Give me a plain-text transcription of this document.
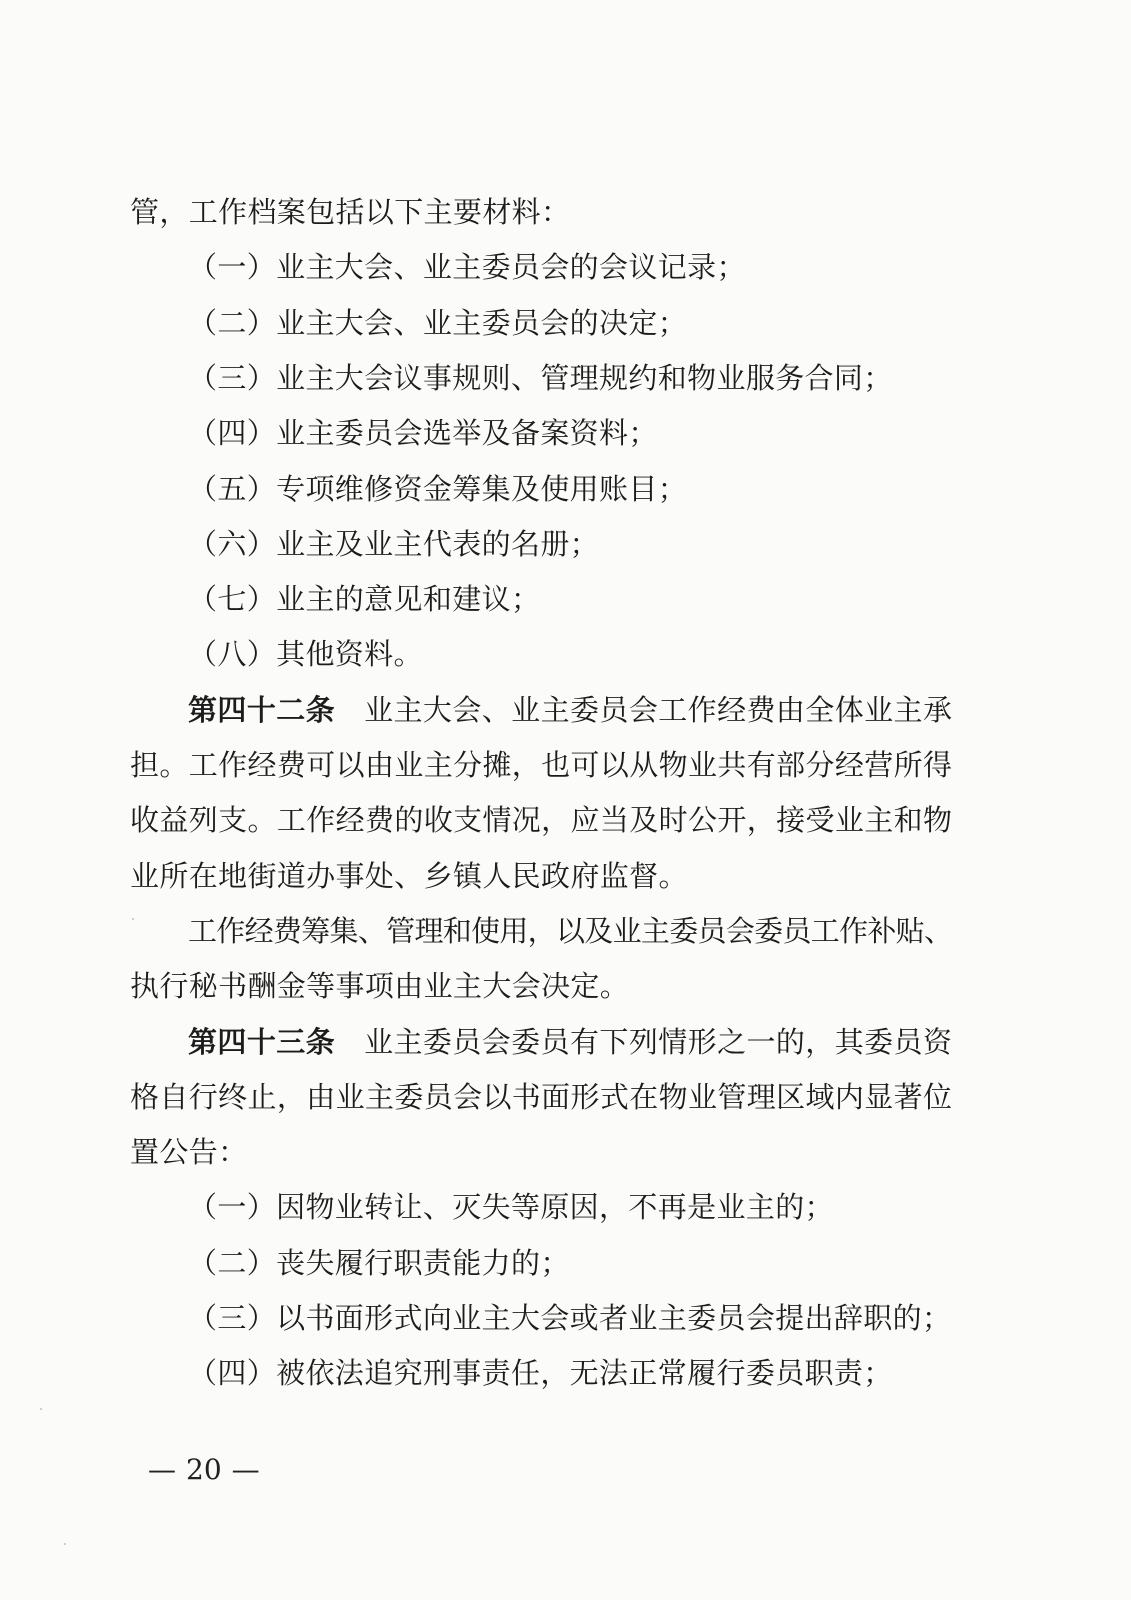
管，工作档案包括以下主要材料：
（一）业主大会、业主委员会的会议记录；
（二）业主大会、业主委员会的决定；
（三）业主大会议事规则、管理规约和物业服务合同；
（四）业主委员会选举及备案资料；
（五）专项维修资金筹集及使用账目；
（六）业主及业主代表的名册；
（七）业主的意见和建议；
（八）其他资料。
第四十二条 业主大会、业主委员会工作经费由全体业主承
担。工作经费可以由业主分摊，也可以从物业共有部分经营所得
收益列支。工作经费的收支情况，应当及时公开，接受业主和物
业所在地街道办事处、乡镇人民政府监督。
工作经费筹集、管理和使用，以及业主委员会委员工作补贴、
执行秘书酬金等事项由业主大会决定。
第四十三条 业主委员会委员有下列情形之一的，其委员资
格自行终止，由业主委员会以书面形式在物业管理区域内显著位
置公告：
（一）因物业转让、灭失等原因，不再是业主的；
（二）丧失履行职责能力的；
（三）以书面形式向业主大会或者业主委员会提出辞职的；
（四）被依法追究刑事责任，无法正常履行委员职责；
— 20 —
